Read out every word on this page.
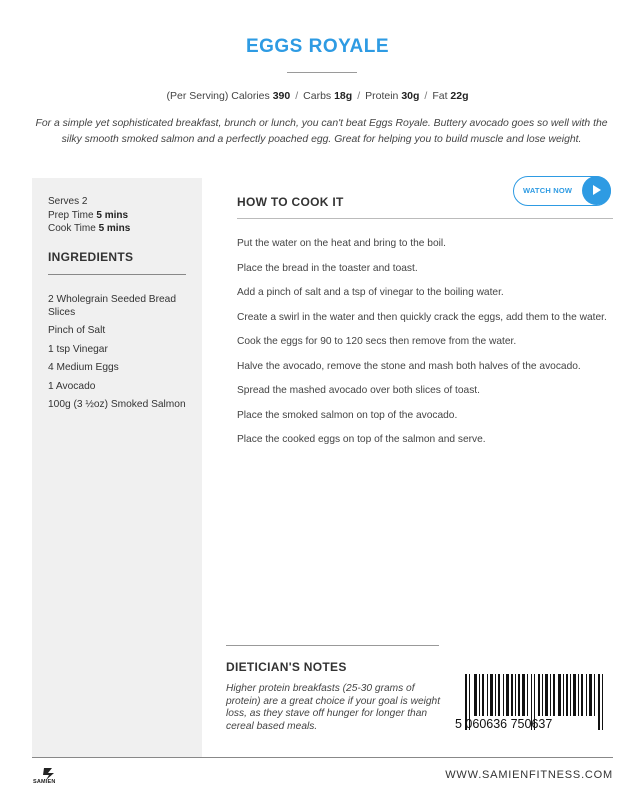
EGGS ROYALE
(Per Serving) Calories 390 / Carbs 18g / Protein 30g / Fat 22g
For a simple yet sophisticated breakfast, brunch or lunch, you can't beat Eggs Royale. Buttery avocado goes so well with the silky smooth smoked salmon and a perfectly poached egg. Great for helping you to build muscle and lose weight.
Serves 2
Prep Time 5 mins
Cook Time 5 mins
INGREDIENTS
2 Wholegrain Seeded Bread Slices
Pinch of Salt
1 tsp Vinegar
4 Medium Eggs
1 Avocado
100g (3 ½oz) Smoked Salmon
HOW TO COOK IT
WATCH NOW
Put the water on the heat and bring to the boil.
Place the bread in the toaster and toast.
Add a pinch of salt and a tsp of vinegar to the boiling water.
Create a swirl in the water and then quickly crack the eggs, add them to the water.
Cook the eggs for 90 to 120 secs then remove from the water.
Halve the avocado, remove the stone and mash both halves of the avocado.
Spread the mashed avocado over both slices of toast.
Place the smoked salmon on top of the avocado.
Place the cooked eggs on top of the salmon and serve.
DIETICIAN'S NOTES
Higher protein breakfasts (25-30 grams of protein) are a great choice if your goal is weight loss, as they stave off hunger for longer than cereal based meals.	5 060636 750637
SAMIEN
WWW.SAMIENFITNESS.COM
